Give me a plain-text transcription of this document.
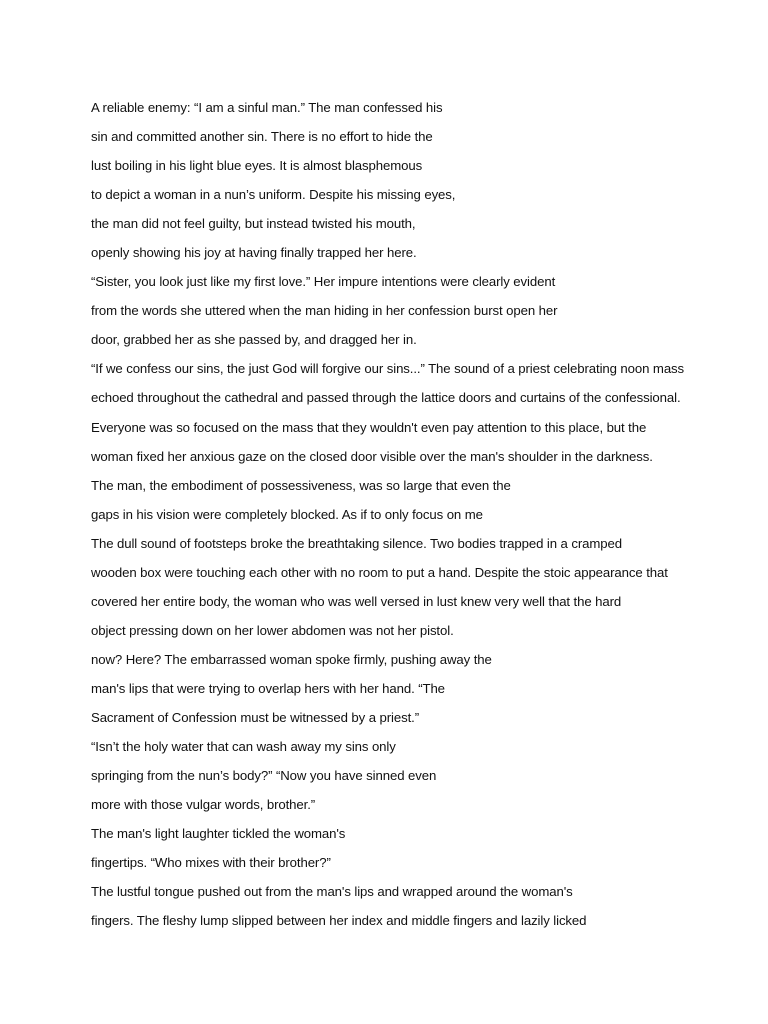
A reliable enemy: “I am a sinful man.” The man confessed his
sin and committed another sin. There is no effort to hide the
lust boiling in his light blue eyes. It is almost blasphemous
to depict a woman in a nun’s uniform. Despite his missing eyes,
the man did not feel guilty, but instead twisted his mouth,
openly showing his joy at having finally trapped her here.
“Sister, you look just like my first love.” Her impure intentions were clearly evident
from the words she uttered when the man hiding in her confession burst open her
door, grabbed her as she passed by, and dragged her in.
“If we confess our sins, the just God will forgive our sins...” The sound of a priest celebrating noon mass
echoed throughout the cathedral and passed through the lattice doors and curtains of the confessional.
Everyone was so focused on the mass that they wouldn't even pay attention to this place, but the
woman fixed her anxious gaze on the closed door visible over the man's shoulder in the darkness.
The man, the embodiment of possessiveness, was so large that even the
gaps in his vision were completely blocked. As if to only focus on me
The dull sound of footsteps broke the breathtaking silence. Two bodies trapped in a cramped
wooden box were touching each other with no room to put a hand. Despite the stoic appearance that
covered her entire body, the woman who was well versed in lust knew very well that the hard
object pressing down on her lower abdomen was not her pistol.
now? Here? The embarrassed woman spoke firmly, pushing away the
man's lips that were trying to overlap hers with her hand. “The
Sacrament of Confession must be witnessed by a priest.”
“Isn’t the holy water that can wash away my sins only
springing from the nun’s body?” “Now you have sinned even
more with those vulgar words, brother.”
The man's light laughter tickled the woman's
fingertips. “Who mixes with their brother?”
The lustful tongue pushed out from the man's lips and wrapped around the woman's
fingers. The fleshy lump slipped between her index and middle fingers and lazily licked
